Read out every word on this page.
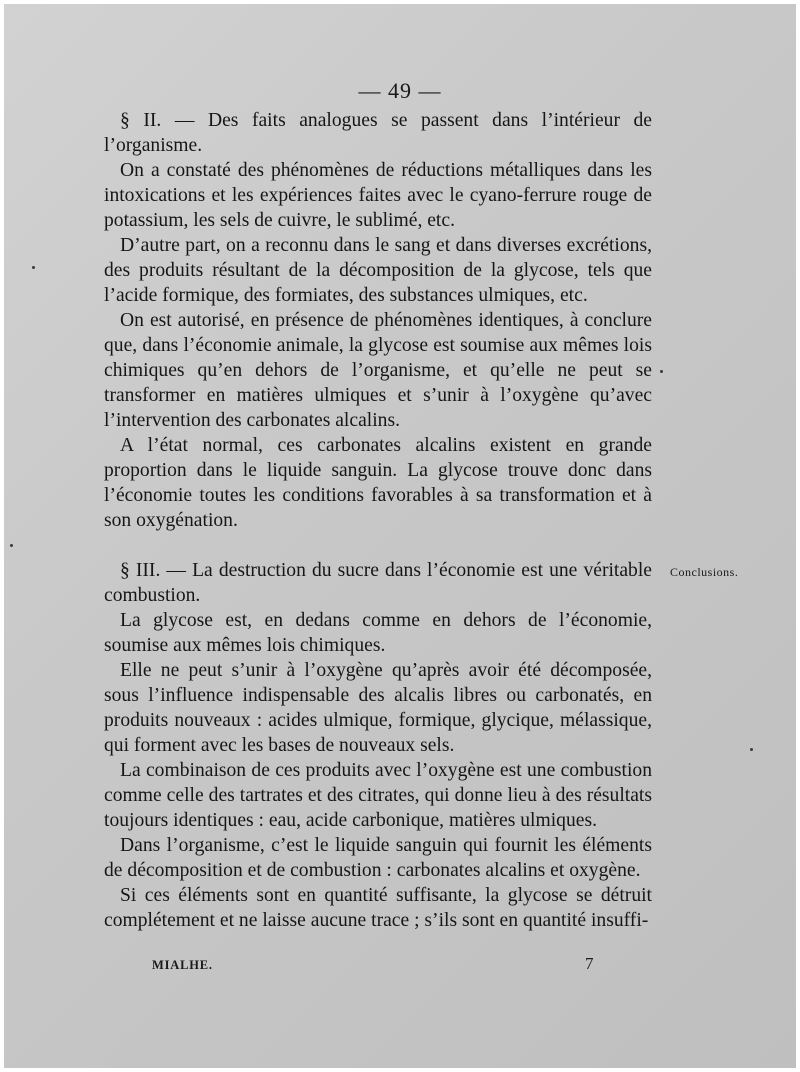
— 49 —

§ II. — Des faits analogues se passent dans l’intérieur de l’organisme.

On a constaté des phénomènes de réductions métalliques dans les intoxications et les expériences faites avec le cyano-ferrure rouge de potassium, les sels de cuivre, le sublimé, etc.

D’autre part, on a reconnu dans le sang et dans diverses excrétions, des produits résultant de la décomposition de la glycose, tels que l’acide formique, des formiates, des substances ulmiques, etc.

On est autorisé, en présence de phénomènes identiques, à conclure que, dans l’économie animale, la glycose est soumise aux mêmes lois chimiques qu’en dehors de l’organisme, et qu’elle ne peut se transformer en matières ulmiques et s’unir à l’oxygène qu’avec l’intervention des carbonates alcalins.

A l’état normal, ces carbonates alcalins existent en grande proportion dans le liquide sanguin. La glycose trouve donc dans l’économie toutes les conditions favorables à sa transformation et à son oxygénation.

§ III. — La destruction du sucre dans l’économie est une véritable combustion.

La glycose est, en dedans comme en dehors de l’économie, soumise aux mêmes lois chimiques.

Elle ne peut s’unir à l’oxygène qu’après avoir été décomposée, sous l’influence indispensable des alcalis libres ou carbonatés, en produits nouveaux : acides ulmique, formique, glycique, mélassique, qui forment avec les bases de nouveaux sels.

La combinaison de ces produits avec l’oxygène est une combustion comme celle des tartrates et des citrates, qui donne lieu à des résultats toujours identiques : eau, acide carbonique, matières ulmiques.

Dans l’organisme, c’est le liquide sanguin qui fournit les éléments de décomposition et de combustion : carbonates alcalins et oxygène.

Si ces éléments sont en quantité suffisante, la glycose se détruit complétement et ne laisse aucune trace ; s’ils sont en quantité insuffi-

Conclusions.
MIALHE.	7
